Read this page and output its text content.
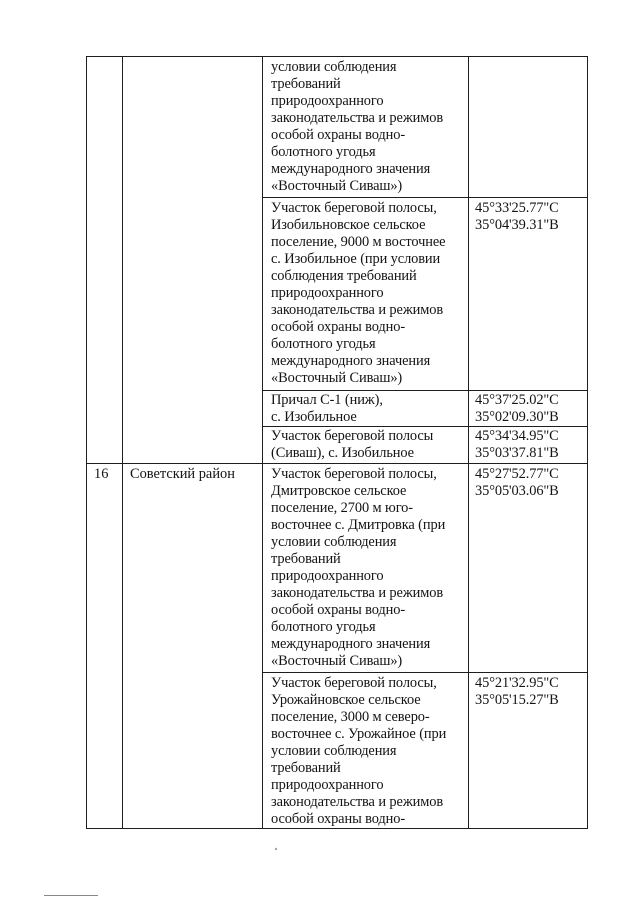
условии соблюдения
требований
природоохранного
законодательства и режимов
особой охраны водно-
болотного угодья
международного значения
«Восточный Сиваш»)
Участок береговой полосы,
Изобильновское сельское
поселение, 9000 м восточнее
с. Изобильное (при условии
соблюдения требований
природоохранного
законодательства и режимов
особой охраны водно-
болотного угодья
международного значения
«Восточный Сиваш»)
45°33'25.77"С
35°04'39.31"В
Причал С-1 (ниж),
с. Изобильное
45°37'25.02"С
35°02'09.30"В
Участок береговой полосы
(Сиваш), с. Изобильное
45°34'34.95"С
35°03'37.81"В
16 Советский район	Участок береговой полосы,
Дмитровское сельское
поселение, 2700 м юго-
восточнее с. Дмитровка (при
условии соблюдения
требований
природоохранного
законодательства и режимов
особой охраны водно-
болотного угодья
международного значения
«Восточный Сиваш»)
45°27'52.77"С
35°05'03.06"В
Участок береговой полосы,
Урожайновское сельское
поселение, 3000 м северо-
восточнее с. Урожайное (при
условии соблюдения
требований
природоохранного
законодательства и режимов
особой охраны водно-
45°21'32.95"С
35°05'15.27"В
